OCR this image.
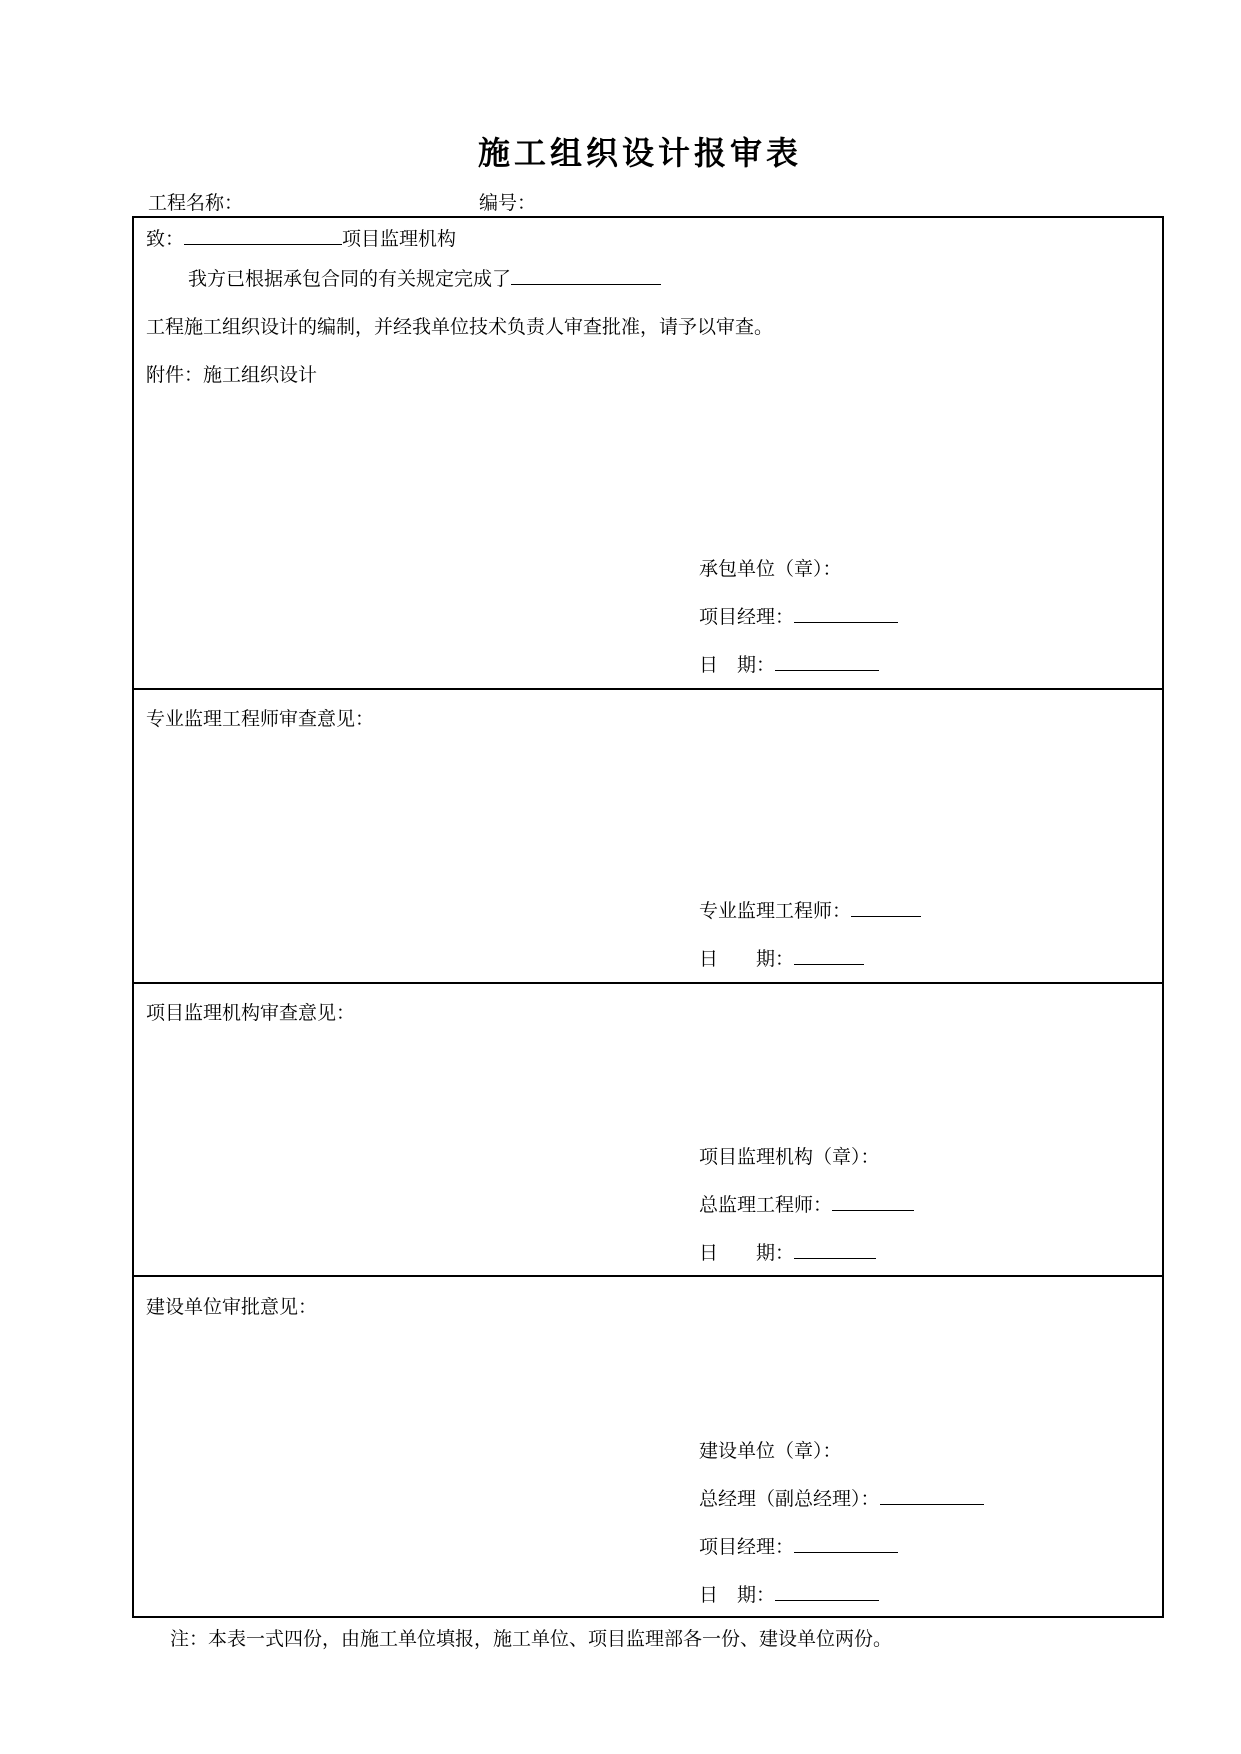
施工组织设计报审表
工程名称：	编号：
致：	项目监理机构
我方已根据承包合同的有关规定完成了
工程施工组织设计的编制，并经我单位技术负责人审查批准，请予以审查。
附件：施工组织设计
承包单位（章）：
项目经理：
日　期：
专业监理工程师审查意见：
专业监理工程师：
日　　期：
项目监理机构审查意见：
项目监理机构（章）：
总监理工程师：
日　　期：
建设单位审批意见：
建设单位（章）：
总经理（副总经理）：
项目经理：
日　期：
注：本表一式四份，由施工单位填报，施工单位、项目监理部各一份、建设单位两份。
